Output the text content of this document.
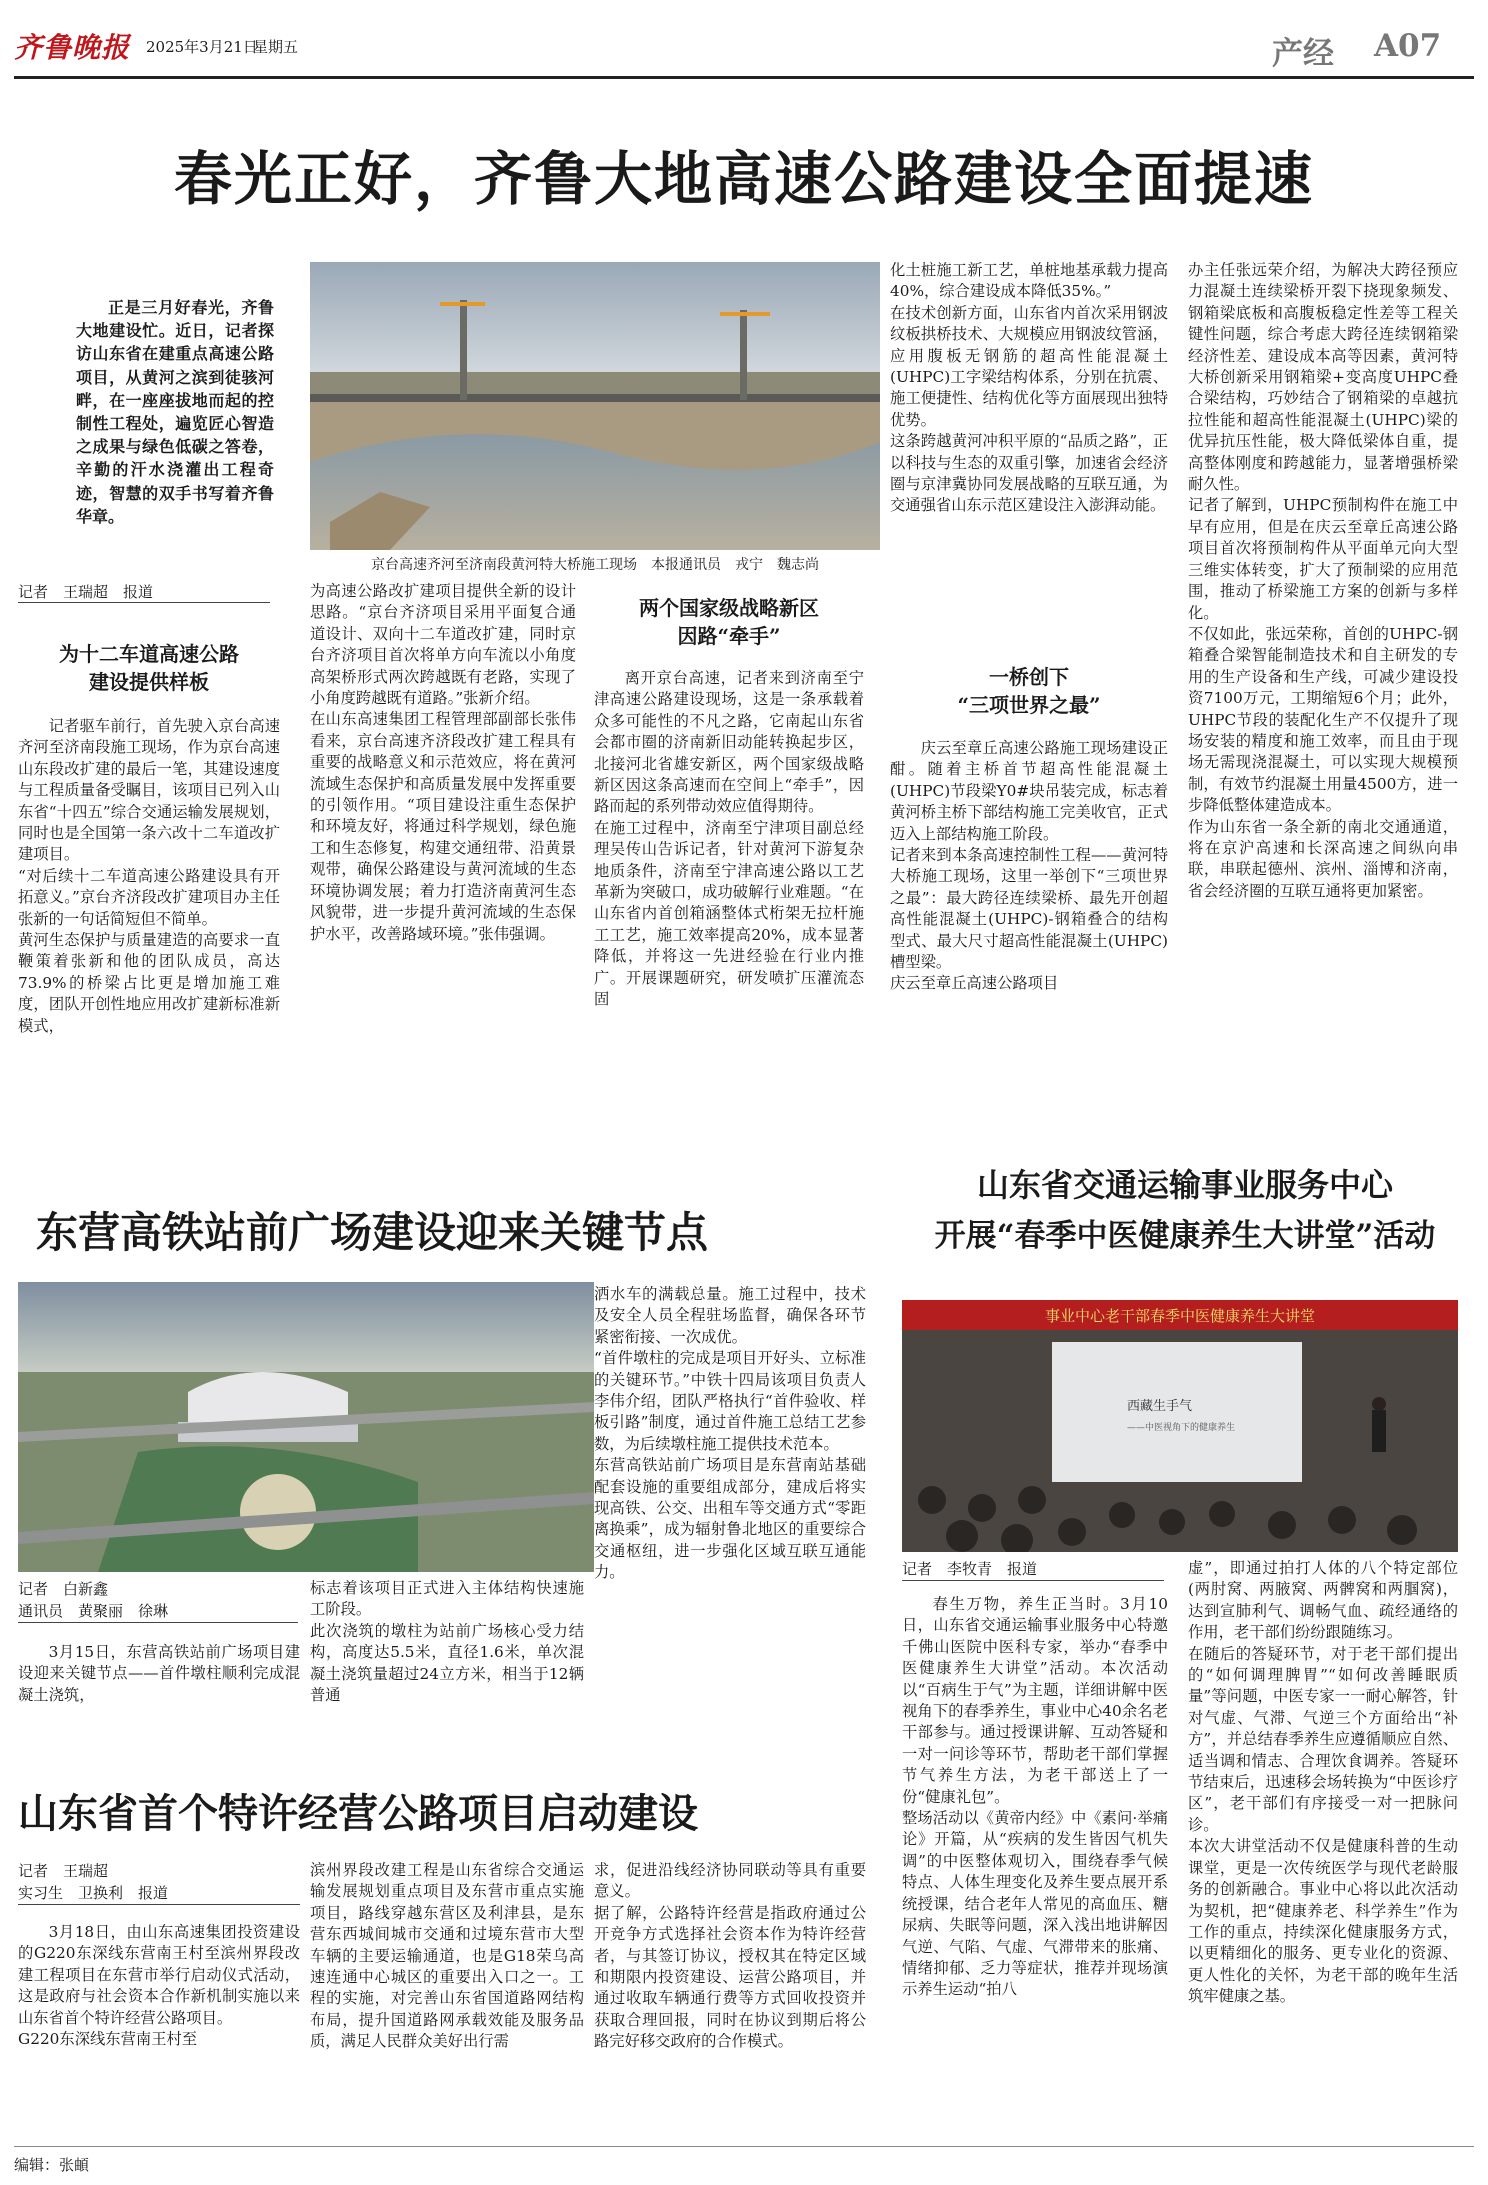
齐鲁晚报 2025年3月21日
星期五	产经 A07
春光正好，齐鲁大地高速公路建设全面提速
正是三月好春光，齐鲁大地建设忙。近日，记者探访山东省在建重点高速公路项目，从黄河之滨到徒骇河畔，在一座座拔地而起的控制性工程处，遍览匠心智造之成果与绿色低碳之答卷，辛勤的汗水浇灌出工程奇迹，智慧的双手书写着齐鲁华章。
京台高速齐河至济南段黄河特大桥施工现场　本报通讯员　戎宁　魏志尚
记者　王瑞超　报道
为十二车道高速公路
建设提供样板
记者驱车前行，首先驶入京台高速齐河至济南段施工现场，作为京台高速山东段改扩建的最后一笔，其建设速度与工程质量备受瞩目，该项目已列入山东省“十四五”综合交通运输发展规划，同时也是全国第一条六改十二车道改扩建项目。
“对后续十二车道高速公路建设具有开拓意义。”京台齐济段改扩建项目办主任张新的一句话简短但不简单。
黄河生态保护与质量建造的高要求一直鞭策着张新和他的团队成员，高达73.9%的桥梁占比更是增加施工难度，团队开创性地应用改扩建新标准新模式，
为高速公路改扩建项目提供全新的设计思路。“京台齐济项目采用平面复合通道设计、双向十二车道改扩建，同时京台齐济项目首次将单方向车流以小角度高架桥形式两次跨越既有老路，实现了小角度跨越既有道路。”张新介绍。
在山东高速集团工程管理部副部长张伟看来，京台高速齐济段改扩建工程具有重要的战略意义和示范效应，将在黄河流域生态保护和高质量发展中发挥重要的引领作用。“项目建设注重生态保护和环境友好，将通过科学规划，绿色施工和生态修复，构建交通纽带、沿黄景观带，确保公路建设与黄河流域的生态环境协调发展；着力打造济南黄河生态风貌带，进一步提升黄河流域的生态保护水平，改善路域环境。”张伟强调。
两个国家级战略新区
因路“牵手”
离开京台高速，记者来到济南至宁津高速公路建设现场，这是一条承载着众多可能性的不凡之路，它南起山东省会都市圈的济南新旧动能转换起步区，北接河北省雄安新区，两个国家级战略新区因这条高速而在空间上“牵手”，因路而起的系列带动效应值得期待。
在施工过程中，济南至宁津项目副总经理吴传山告诉记者，针对黄河下游复杂地质条件，济南至宁津高速公路以工艺革新为突破口，成功破解行业难题。“在山东省内首创箱涵整体式桁架无拉杆施工工艺，施工效率提高20%，成本显著降低，并将这一先进经验在行业内推广。开展课题研究，研发喷扩压灌流态固
化土桩施工新工艺，单桩地基承载力提高40%，综合建设成本降低35%。”
在技术创新方面，山东省内首次采用钢波纹板拱桥技术、大规模应用钢波纹管涵，应用腹板无钢筋的超高性能混凝土(UHPC)工字梁结构体系，分别在抗震、施工便捷性、结构优化等方面展现出独特优势。
这条跨越黄河冲积平原的“品质之路”，正以科技与生态的双重引擎，加速省会经济圈与京津冀协同发展战略的互联互通，为交通强省山东示范区建设注入澎湃动能。
一桥创下
“三项世界之最”
庆云至章丘高速公路施工现场建设正酣。随着主桥首节超高性能混凝土(UHPC)节段梁Y0#块吊装完成，标志着黄河桥主桥下部结构施工完美收官，正式迈入上部结构施工阶段。
记者来到本条高速控制性工程——黄河特大桥施工现场，这里一举创下“三项世界之最”：最大跨径连续梁桥、最先开创超高性能混凝土(UHPC)-钢箱叠合的结构型式、最大尺寸超高性能混凝土(UHPC)槽型梁。
庆云至章丘高速公路项目
办主任张远荣介绍，为解决大跨径预应力混凝土连续梁桥开裂下挠现象频发、钢箱梁底板和高腹板稳定性差等工程关键性问题，综合考虑大跨径连续钢箱梁经济性差、建设成本高等因素，黄河特大桥创新采用钢箱梁+变高度UHPC叠合梁结构，巧妙结合了钢箱梁的卓越抗拉性能和超高性能混凝土(UHPC)梁的优异抗压性能，极大降低梁体自重，提高整体刚度和跨越能力，显著增强桥梁耐久性。
记者了解到，UHPC预制构件在施工中早有应用，但是在庆云至章丘高速公路项目首次将预制构件从平面单元向大型三维实体转变，扩大了预制梁的应用范围，推动了桥梁施工方案的创新与多样化。
不仅如此，张远荣称，首创的UHPC-钢箱叠合梁智能制造技术和自主研发的专用的生产设备和生产线，可减少建设投资7100万元，工期缩短6个月；此外，UHPC节段的装配化生产不仅提升了现场安装的精度和施工效率，而且由于现场无需现浇混凝土，可以实现大规模预制，有效节约混凝土用量4500方，进一步降低整体建造成本。
作为山东省一条全新的南北交通通道，将在京沪高速和长深高速之间纵向串联，串联起德州、滨州、淄博和济南，省会经济圈的互联互通将更加紧密。
东营高铁站前广场建设迎来关键节点
记者　白新鑫
通讯员　黄聚丽　徐琳
3月15日，东营高铁站前广场项目建设迎来关键节点——首件墩柱顺利完成混凝土浇筑，
标志着该项目正式进入主体结构快速施工阶段。
此次浇筑的墩柱为站前广场核心受力结构，高度达5.5米，直径1.6米，单次混凝土浇筑量超过24立方米，相当于12辆普通
洒水车的满载总量。施工过程中，技术及安全人员全程驻场监督，确保各环节紧密衔接、一次成优。
“首件墩柱的完成是项目开好头、立标准的关键环节。”中铁十四局该项目负责人李伟介绍，团队严格执行“首件验收、样板引路”制度，通过首件施工总结工艺参数，为后续墩柱施工提供技术范本。
东营高铁站前广场项目是东营南站基础配套设施的重要组成部分，建成后将实现高铁、公交、出租车等交通方式“零距离换乘”，成为辐射鲁北地区的重要综合交通枢纽，进一步强化区域互联互通能力。
山东省首个特许经营公路项目启动建设
记者　王瑞超
实习生　卫换利　报道
3月18日，由山东高速集团投资建设的G220东深线东营南王村至滨州界段改建工程项目在东营市举行启动仪式活动，这是政府与社会资本合作新机制实施以来山东省首个特许经营公路项目。
G220东深线东营南王村至
滨州界段改建工程是山东省综合交通运输发展规划重点项目及东营市重点实施项目，路线穿越东营区及利津县，是东营东西城间城市交通和过境东营市大型车辆的主要运输通道，也是G18荣乌高速连通中心城区的重要出入口之一。工程的实施，对完善山东省国道路网结构布局，提升国道路网承载效能及服务品质，满足人民群众美好出行需
求，促进沿线经济协同联动等具有重要意义。
据了解，公路特许经营是指政府通过公开竞争方式选择社会资本作为特许经营者，与其签订协议，授权其在特定区域和期限内投资建设、运营公路项目，并通过收取车辆通行费等方式回收投资并获取合理回报，同时在协议到期后将公路完好移交政府的合作模式。
山东省交通运输事业服务中心
开展“春季中医健康养生大讲堂”活动
事业中心老干部春季中医健康养生大讲堂
西藏生手气
——中医视角下的健康养生
记者　李牧青　报道
春生万物，养生正当时。3月10日，山东省交通运输事业服务中心特邀千佛山医院中医科专家，举办“春季中医健康养生大讲堂”活动。本次活动以“百病生于气”为主题，详细讲解中医视角下的春季养生，事业中心40余名老干部参与。通过授课讲解、互动答疑和一对一问诊等环节，帮助老干部们掌握节气养生方法，为老干部送上了一份“健康礼包”。
整场活动以《黄帝内经》中《素问·举痛论》开篇，从“疾病的发生皆因气机失调”的中医整体观切入，围绕春季气候特点、人体生理变化及养生要点展开系统授课，结合老年人常见的高血压、糖尿病、失眠等问题，深入浅出地讲解因气逆、气陷、气虚、气滞带来的胀痛、情绪抑郁、乏力等症状，推荐并现场演示养生运动“拍八
虚”，即通过拍打人体的八个特定部位(两肘窝、两腋窝、两髀窝和两腘窝)，达到宣肺利气、调畅气血、疏经通络的作用，老干部们纷纷跟随练习。
在随后的答疑环节，对于老干部们提出的“如何调理脾胃”“如何改善睡眠质量”等问题，中医专家一一耐心解答，针对气虚、气滞、气逆三个方面给出“补方”，并总结春季养生应遵循顺应自然、适当调和情志、合理饮食调养。答疑环节结束后，迅速移会场转换为“中医诊疗区”，老干部们有序接受一对一把脉问诊。
本次大讲堂活动不仅是健康科普的生动课堂，更是一次传统医学与现代老龄服务的创新融合。事业中心将以此次活动为契机，把“健康养老、科学养生”作为工作的重点，持续深化健康服务方式，以更精细化的服务、更专业化的资源、更人性化的关怀，为老干部的晚年生活筑牢健康之基。
编辑：张頔
